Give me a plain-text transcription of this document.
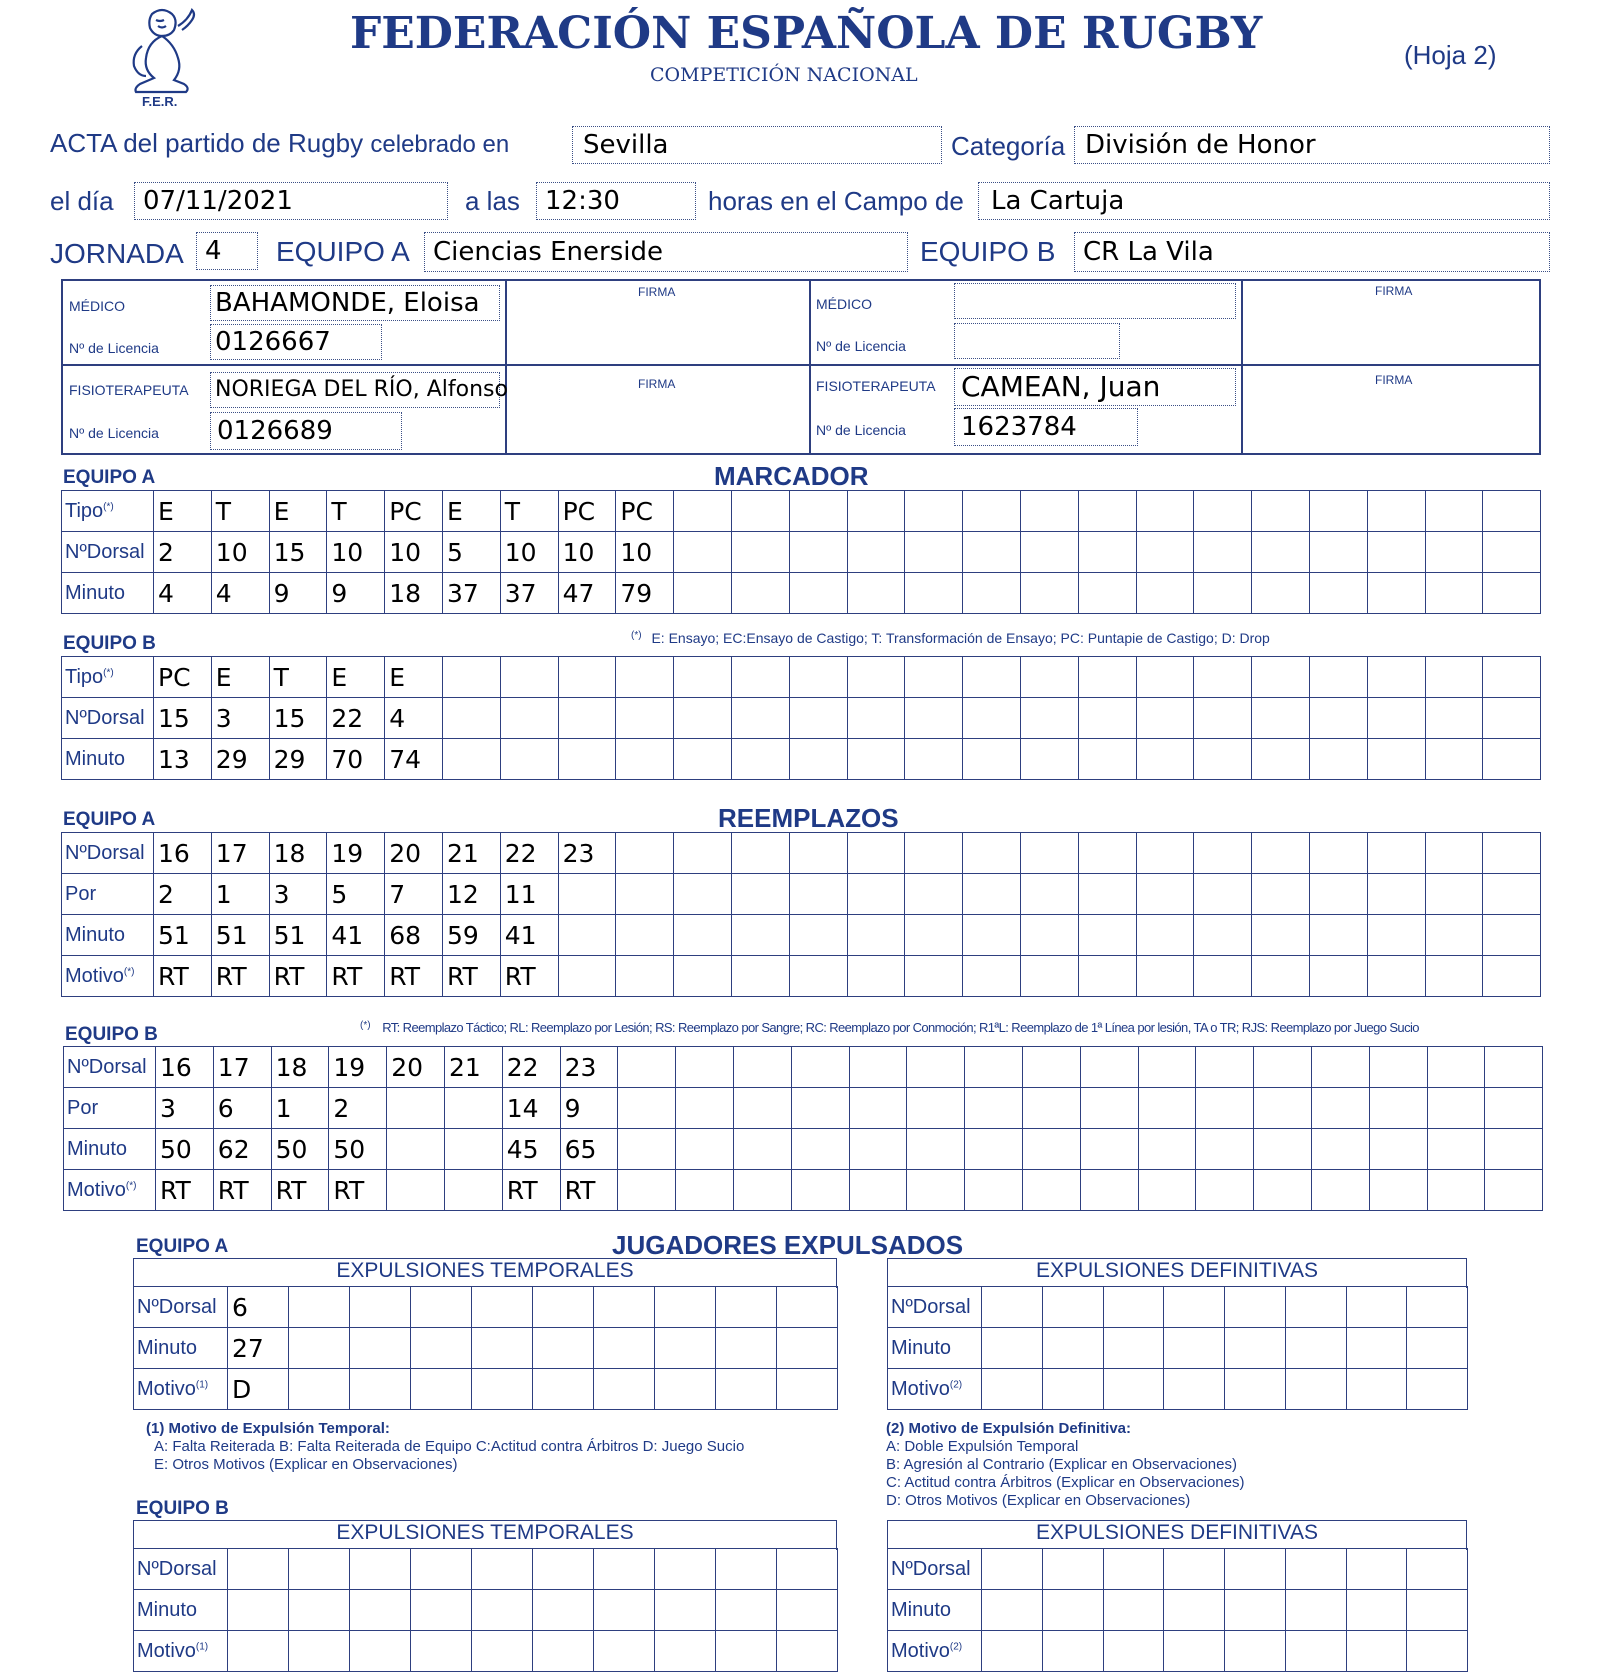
F.E.R.
FEDERACIÓN ESPAÑOLA DE RUGBY
COMPETICIÓN NACIONAL
(Hoja 2)
ACTA del partido de Rugby celebrado en	Sevilla	Categoría División de Honor
el día	07/11/2021	a las 12:30	horas en el Campo de	La Cartuja
JORNADA 4	EQUIPO A Ciencias Enerside	EQUIPO B	CR La Vila
MÉDICO	BAHAMONDE, Eloisa
Nº de Licencia 0126667
FIRMA
FISIOTERAPEUTA NORIEGA DEL RÍO, Alfonso
Nº de Licencia 0126689
FIRMA
MÉDICO
Nº de Licencia
FIRMA
FISIOTERAPEUTA CAMEAN, Juan
Nº de Licencia 1623784
FIRMA
EQUIPO A	MARCADOR
Tipo(*)	E	T	E	T	PC	E	T	PC	PC															
NºDorsal	2	10	15	10	10	5	10	10	10															
Minuto	4	4	9	9	18	37	37	47	79															
EQUIPO B	(*) E: Ensayo; EC:Ensayo de Castigo; T: Transformación de Ensayo; PC: Puntapie de Castigo; D: Drop
Tipo(*)	PC	E	T	E	E																			
NºDorsal	15	3	15	22	4																			
Minuto	13	29	29	70	74																			
EQUIPO A	REEMPLAZOS
NºDorsal	16	17	18	19	20	21	22	23																
Por	2	1	3	5	7	12	11																	
Minuto	51	51	51	41	68	59	41																	
Motivo(*)	RT	RT	RT	RT	RT	RT	RT																	
EQUIPO B	(*) RT: Reemplazo Táctico; RL: Reemplazo por Lesión; RS: Reemplazo por Sangre; RC: Reemplazo por Conmoción; R1ªL: Reemplazo de 1ª Línea por lesión, TA o TR; RJS: Reemplazo por Juego Sucio
NºDorsal	16	17	18	19	20	21	22	23																
Por	3	6	1	2			14	9																
Minuto	50	62	50	50			45	65																
Motivo(*)	RT	RT	RT	RT			RT	RT																
EQUIPO A	JUGADORES EXPULSADOS
EXPULSIONES TEMPORALES
NºDorsal	6									
Minuto	27									
Motivo$^{(1)}$	D									
EXPULSIONES DEFINITIVAS
NºDorsal								
Minuto								
Motivo$^{(2)}$								
(1) Motivo de Expulsión Temporal:
A: Falta Reiterada B: Falta Reiterada de Equipo C:Actitud contra Árbitros D: Juego Sucio
E: Otros Motivos (Explicar en Observaciones)
(2) Motivo de Expulsión Definitiva:
A: Doble Expulsión Temporal
B: Agresión al Contrario (Explicar en Observaciones)
C: Actitud contra Árbitros (Explicar en Observaciones)
D: Otros Motivos (Explicar en Observaciones)
EQUIPO B
EXPULSIONES TEMPORALES
NºDorsal										
Minuto										
Motivo$^{(1)}$										
EXPULSIONES DEFINITIVAS
NºDorsal								
Minuto								
Motivo$^{(2)}$								
